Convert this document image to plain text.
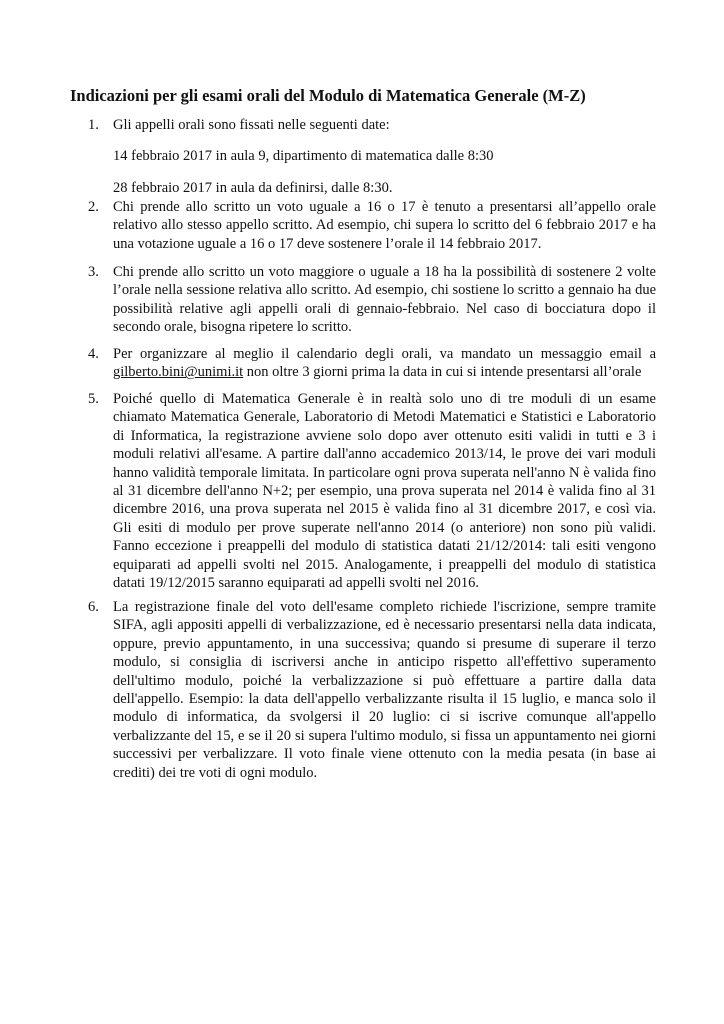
Indicazioni per gli esami orali del Modulo di Matematica Generale (M-Z)
1. Gli appelli orali sono fissati nelle seguenti date:

14 febbraio 2017 in aula 9, dipartimento di matematica dalle 8:30

28 febbraio 2017 in aula da definirsi, dalle 8:30.

2. Chi prende allo scritto un voto uguale a 16 o 17 è tenuto a presentarsi all’appello orale relativo allo stesso appello scritto. Ad esempio, chi supera lo scritto del 6 febbraio 2017 e ha una votazione uguale a 16 o 17 deve sostenere l’orale il 14 febbraio 2017.
3. Chi prende allo scritto un voto maggiore o uguale a 18 ha la possibilità di sostenere 2 volte l’orale nella sessione relativa allo scritto. Ad esempio, chi sostiene lo scritto a gennaio ha due possibilità relative agli appelli orali di gennaio-febbraio. Nel caso di bocciatura dopo il secondo orale, bisogna ripetere lo scritto.
4. Per organizzare al meglio il calendario degli orali, va mandato un messaggio email a gilberto.bini@unimi.it non oltre 3 giorni prima la data in cui si intende presentarsi all’orale
5. Poiché quello di Matematica Generale è in realtà solo uno di tre moduli di un esame chiamato Matematica Generale, Laboratorio di Metodi Matematici e Statistici e Laboratorio di Informatica, la registrazione avviene solo dopo aver ottenuto esiti validi in tutti e 3 i moduli relativi all'esame. A partire dall'anno accademico 2013/14, le prove dei vari moduli hanno validità temporale limitata. In particolare ogni prova superata nell'anno N è valida fino al 31 dicembre dell'anno N+2; per esempio, una prova superata nel 2014 è valida fino al 31 dicembre 2016, una prova superata nel 2015 è valida fino al 31 dicembre 2017, e così via. Gli esiti di modulo per prove superate nell'anno 2014 (o anteriore) non sono più validi. Fanno eccezione i preappelli del modulo di statistica datati 21/12/2014: tali esiti vengono equiparati ad appelli svolti nel 2015. Analogamente, i preappelli del modulo di statistica datati 19/12/2015 saranno equiparati ad appelli svolti nel 2016.
6. La registrazione finale del voto dell'esame completo richiede l'iscrizione, sempre tramite SIFA, agli appositi appelli di verbalizzazione, ed è necessario presentarsi nella data indicata, oppure, previo appuntamento, in una successiva; quando si presume di superare il terzo modulo, si consiglia di iscriversi anche in anticipo rispetto all'effettivo superamento dell'ultimo modulo, poiché la verbalizzazione si può effettuare a partire dalla data dell'appello. Esempio: la data dell'appello verbalizzante risulta il 15 luglio, e manca solo il modulo di informatica, da svolgersi il 20 luglio: ci si iscrive comunque all'appello verbalizzante del 15, e se il 20 si supera l'ultimo modulo, si fissa un appuntamento nei giorni successivi per verbalizzare. Il voto finale viene ottenuto con la media pesata (in base ai crediti) dei tre voti di ogni modulo.
